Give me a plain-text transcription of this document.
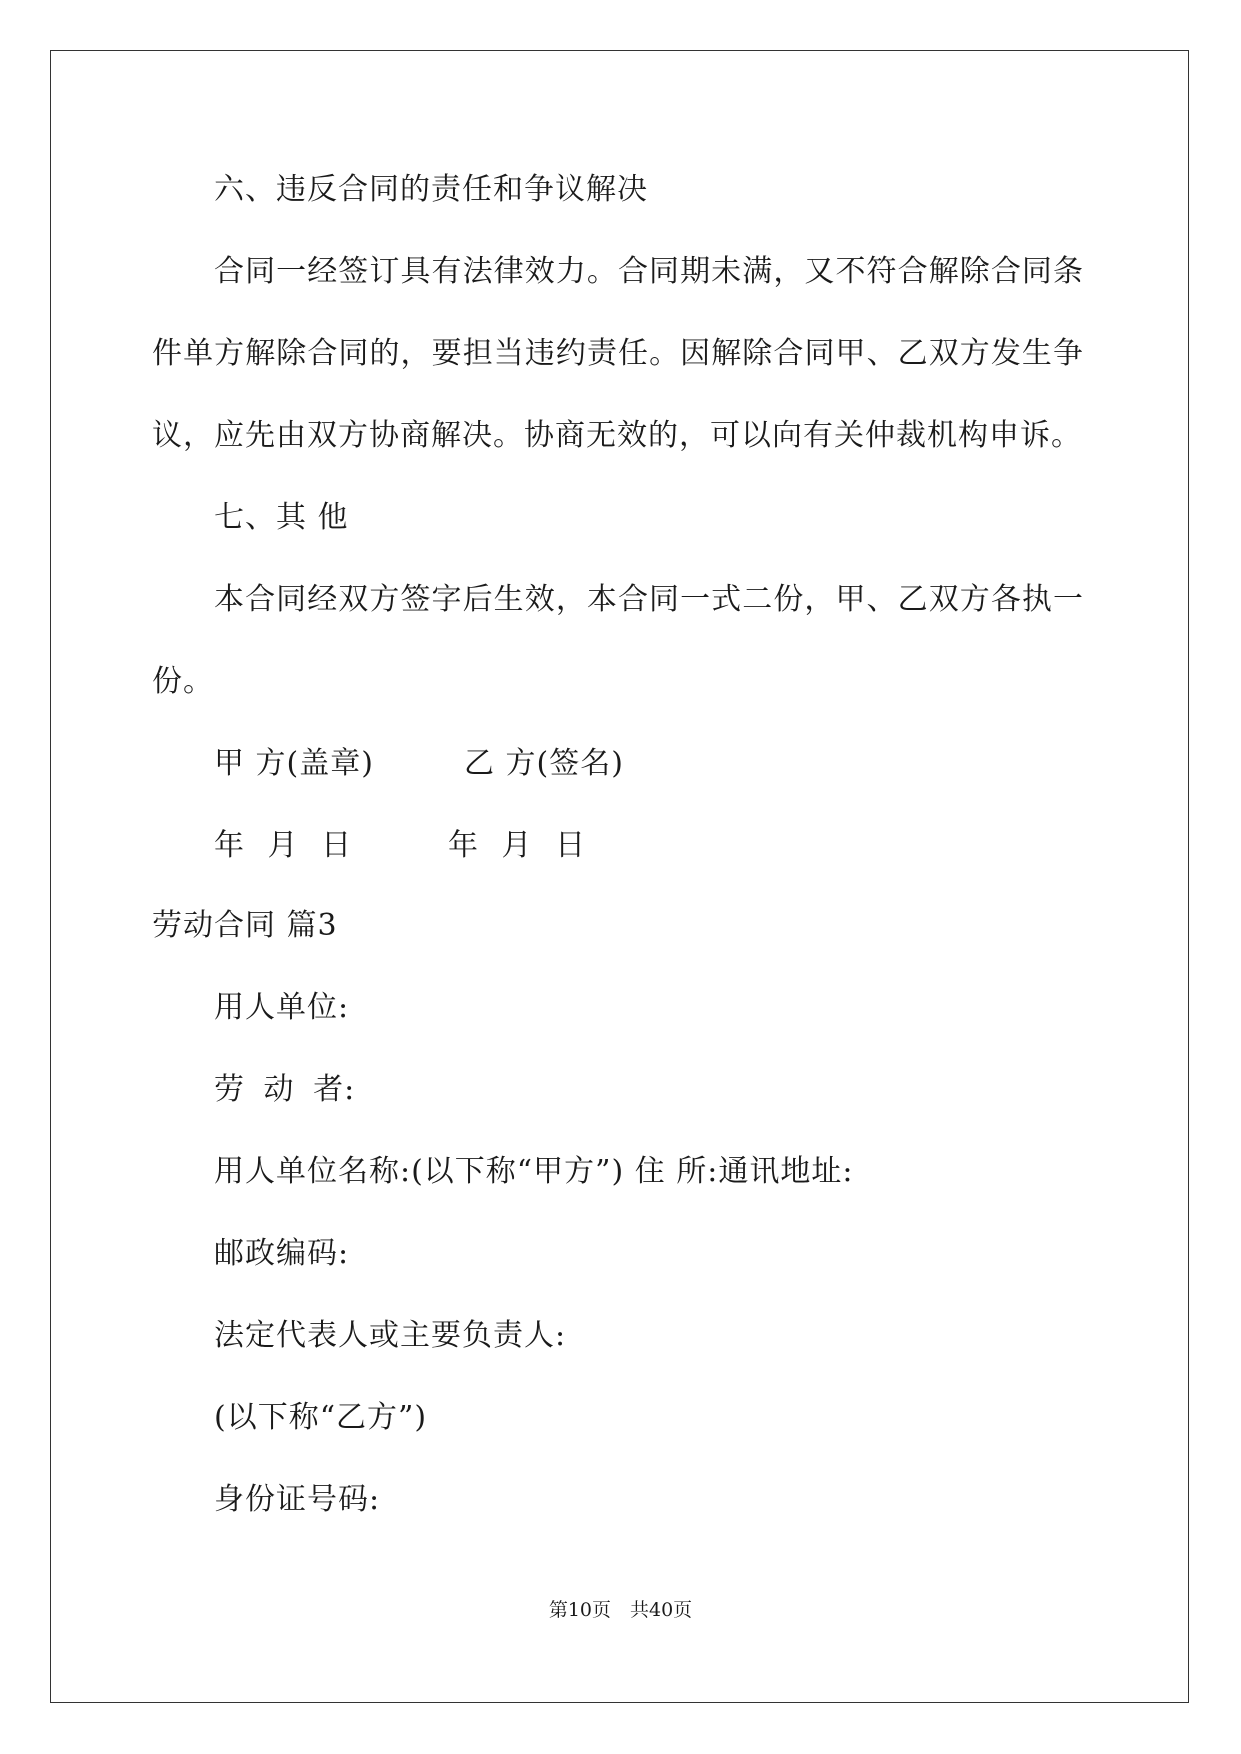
六、违反合同的责任和争议解决
合同一经签订具有法律效力。合同期未满，又不符合解除合同条
件单方解除合同的，要担当违约责任。因解除合同甲、乙双方发生争
议，应先由双方协商解决。协商无效的，可以向有关仲裁机构申诉。
七、其 他
本合同经双方签字后生效，本合同一式二份，甲、乙双方各执一
份。
甲 方(盖章)	乙 方(签名)
年 月 日	年 月 日
劳动合同 篇3
用人单位:
劳 动 者:
用人单位名称:(以下称“甲方”) 住 所:通讯地址:
邮政编码:
法定代表人或主要负责人:
(以下称“乙方”)
身份证号码:
第10页　共40页
